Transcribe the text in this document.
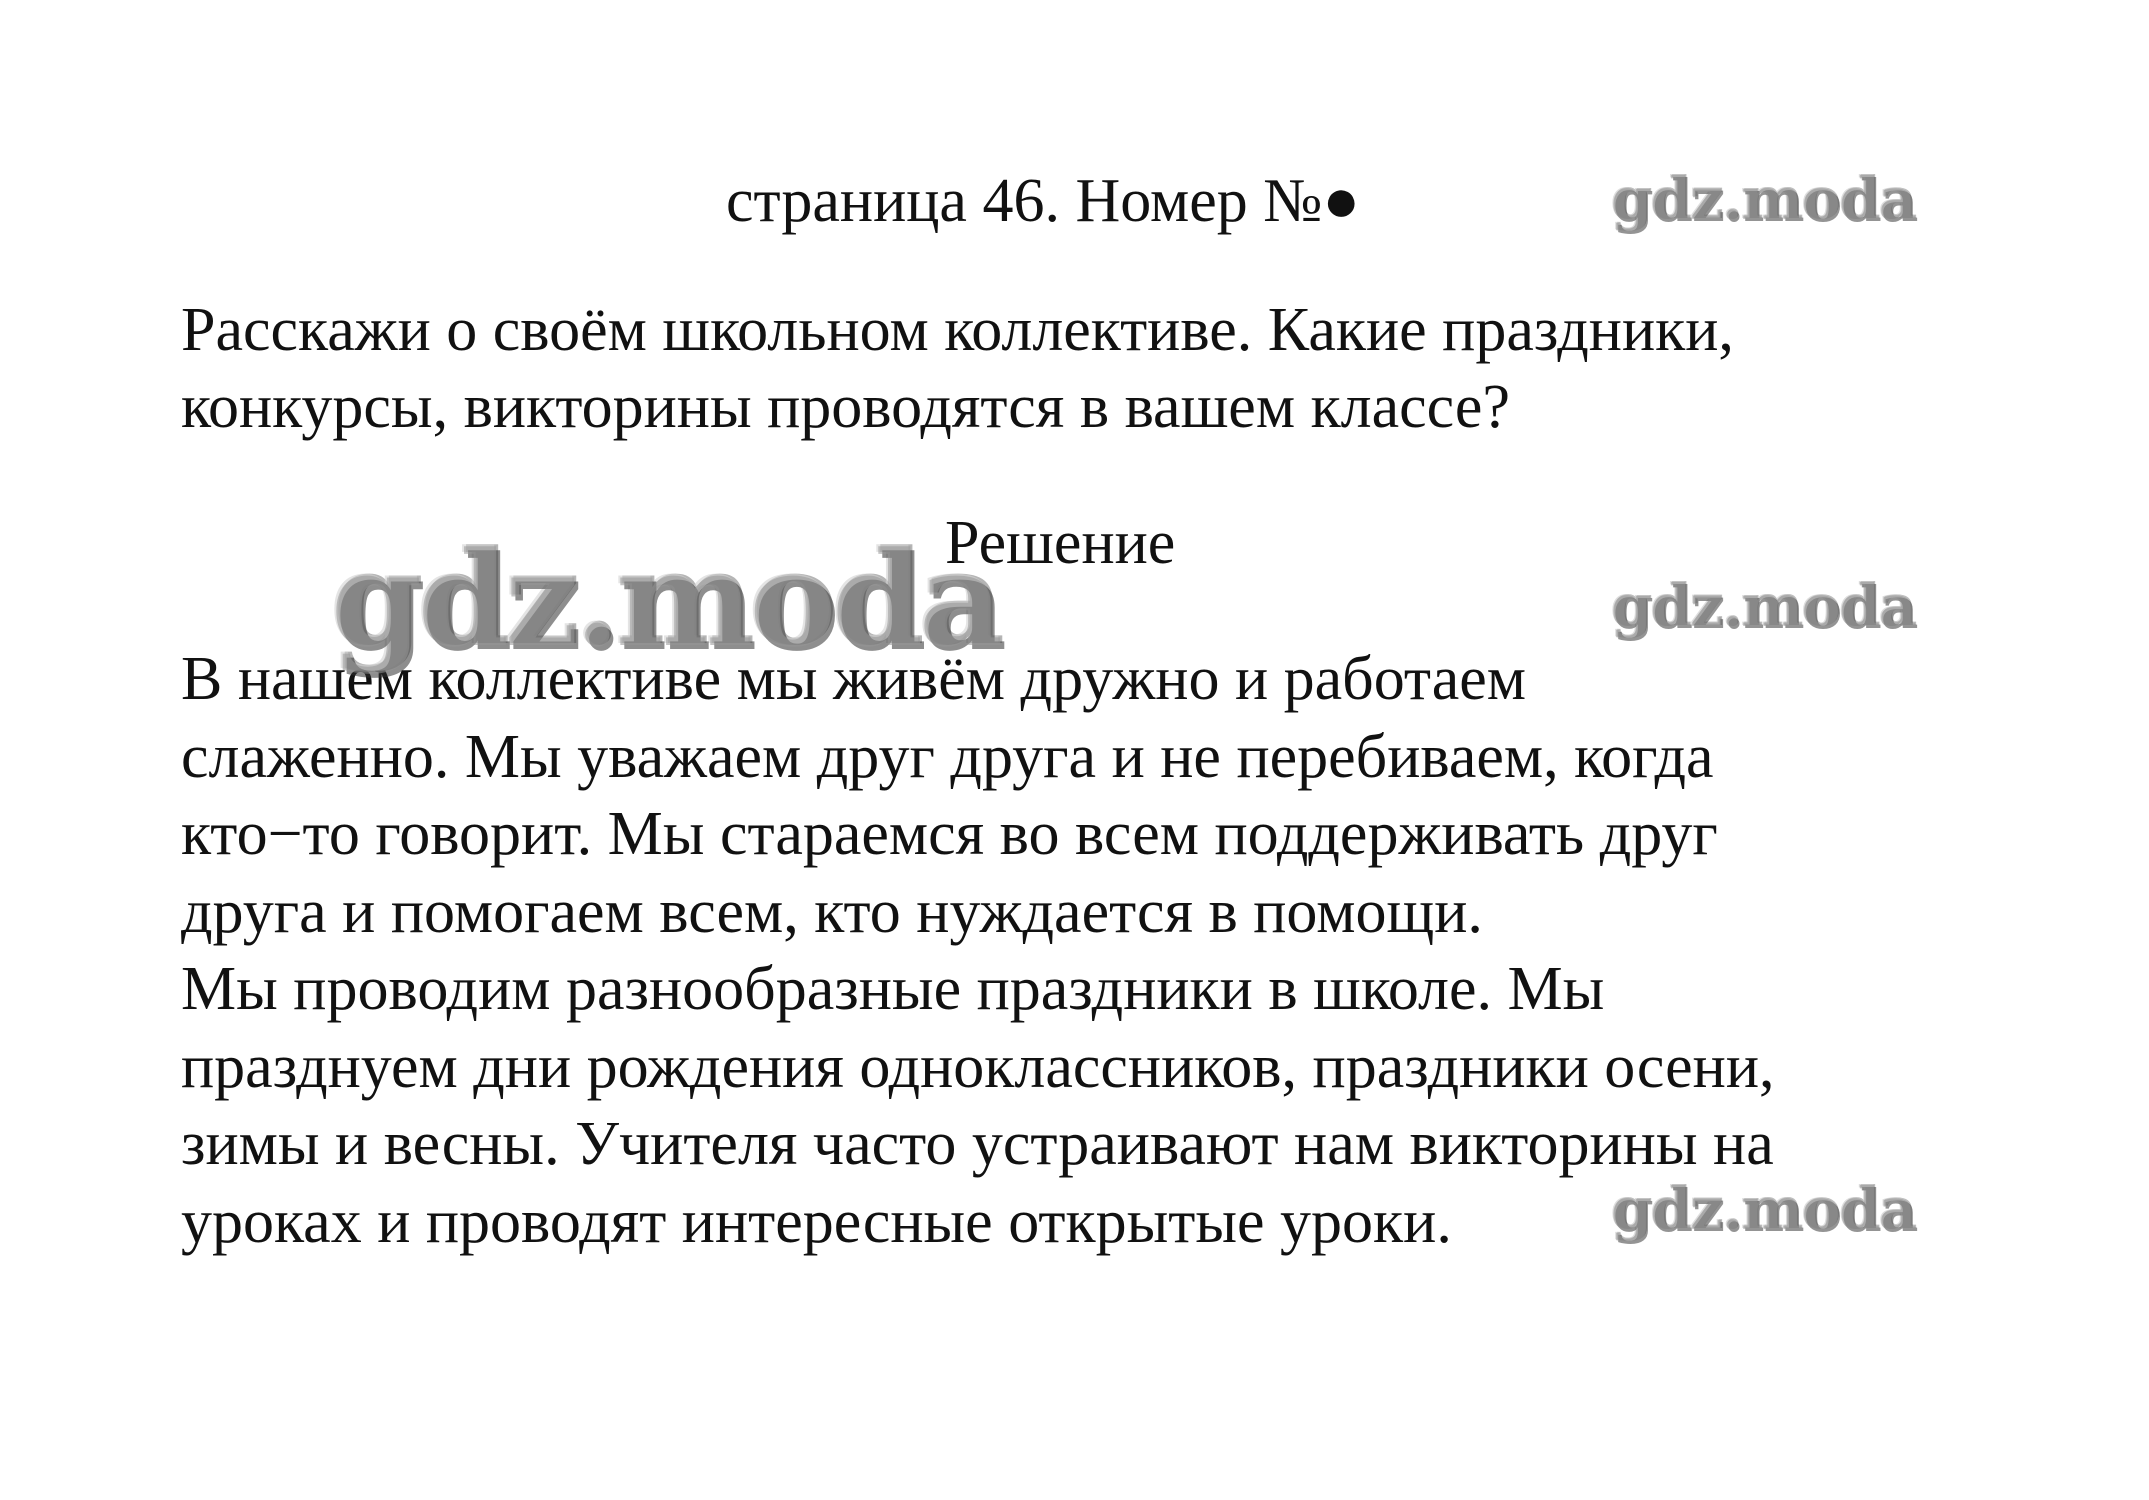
страница 46. Номер №●
Расскажи о своём школьном коллективе. Какие праздники,
конкурсы, викторины проводятся в вашем классе?
Решение
В нашем коллективе мы живём дружно и работаем
слаженно. Мы уважаем друг друга и не перебиваем, когда
кто−то говорит. Мы стараемся во всем поддерживать друг
друга и помогаем всем, кто нуждается в помощи.
Мы проводим разнообразные праздники в школе. Мы
празднуем дни рождения одноклассников, праздники осени,
зимы и весны. Учителя часто устраивают нам викторины на
уроках и проводят интересные открытые уроки.
gdz.moda
gdz.moda	gdz.moda
gdz.moda
